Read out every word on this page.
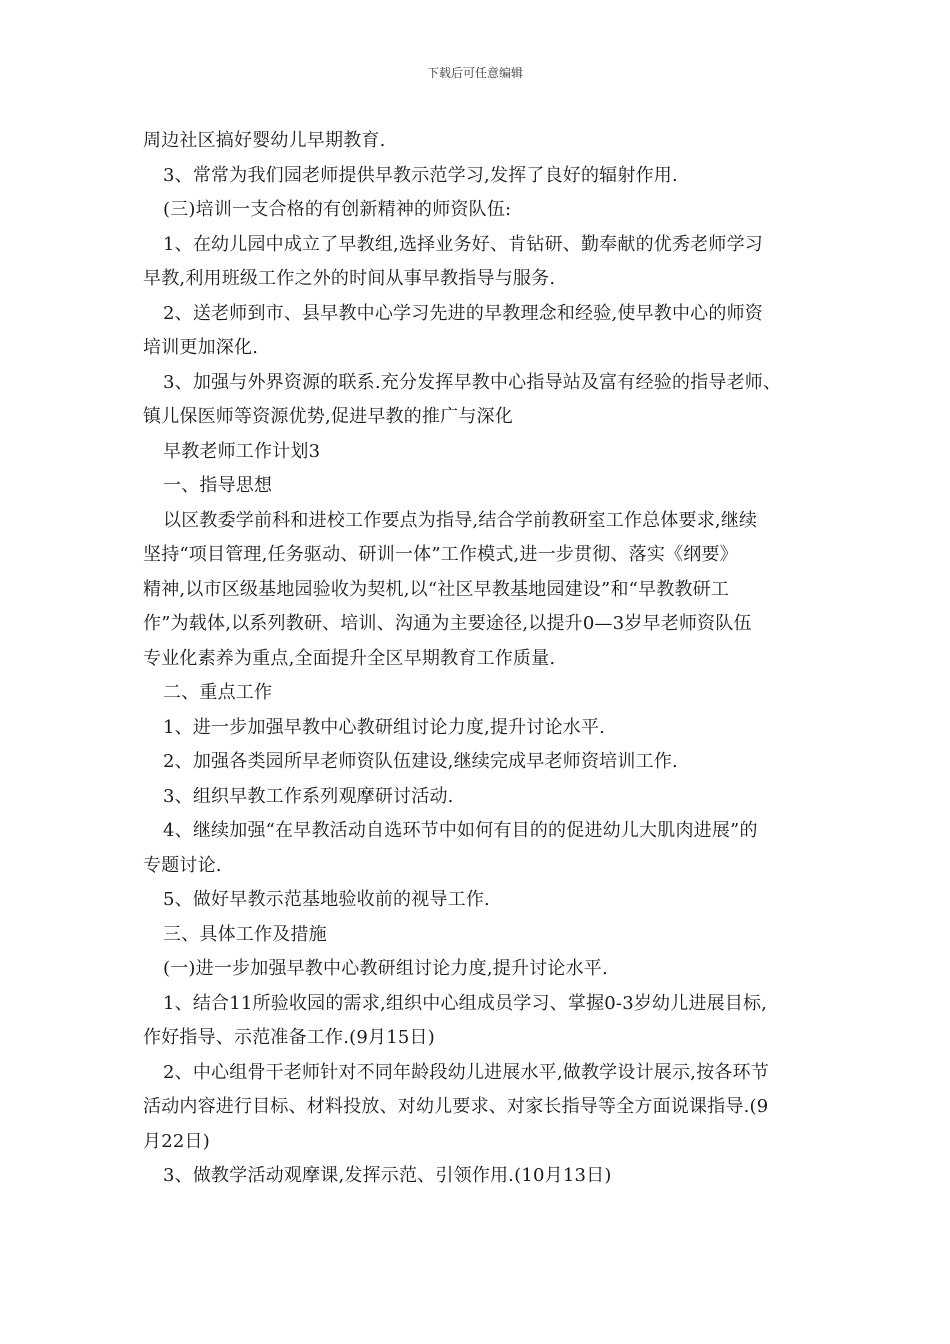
下载后可任意编辑
周边社区搞好婴幼儿早期教育.
3、常常为我们园老师提供早教示范学习,发挥了良好的辐射作用.
(三)培训一支合格的有创新精神的师资队伍:
1、在幼儿园中成立了早教组,选择业务好、肯钻研、勤奉献的优秀老师学习
早教,利用班级工作之外的时间从事早教指导与服务.
2、送老师到市、县早教中心学习先进的早教理念和经验,使早教中心的师资
培训更加深化.
3、加强与外界资源的联系.充分发挥早教中心指导站及富有经验的指导老师、
镇儿保医师等资源优势,促进早教的推广与深化
早教老师工作计划3
一、指导思想
以区教委学前科和进校工作要点为指导,结合学前教研室工作总体要求,继续
坚持“项目管理,任务驱动、研训一体”工作模式,进一步贯彻、落实《纲要》
精神,以市区级基地园验收为契机,以“社区早教基地园建设”和“早教教研工
作”为载体,以系列教研、培训、沟通为主要途径,以提升0—3岁早老师资队伍
专业化素养为重点,全面提升全区早期教育工作质量.
二、重点工作
1、进一步加强早教中心教研组讨论力度,提升讨论水平.
2、加强各类园所早老师资队伍建设,继续完成早老师资培训工作.
3、组织早教工作系列观摩研讨活动.
4、继续加强“在早教活动自选环节中如何有目的的促进幼儿大肌肉进展”的
专题讨论.
5、做好早教示范基地验收前的视导工作.
三、具体工作及措施
(一)进一步加强早教中心教研组讨论力度,提升讨论水平.
1、结合11所验收园的需求,组织中心组成员学习、掌握0-3岁幼儿进展目标,
作好指导、示范准备工作.(9月15日)
2、中心组骨干老师针对不同年龄段幼儿进展水平,做教学设计展示,按各环节
活动内容进行目标、材料投放、对幼儿要求、对家长指导等全方面说课指导.(9
月22日)
3、做教学活动观摩课,发挥示范、引领作用.(10月13日)
